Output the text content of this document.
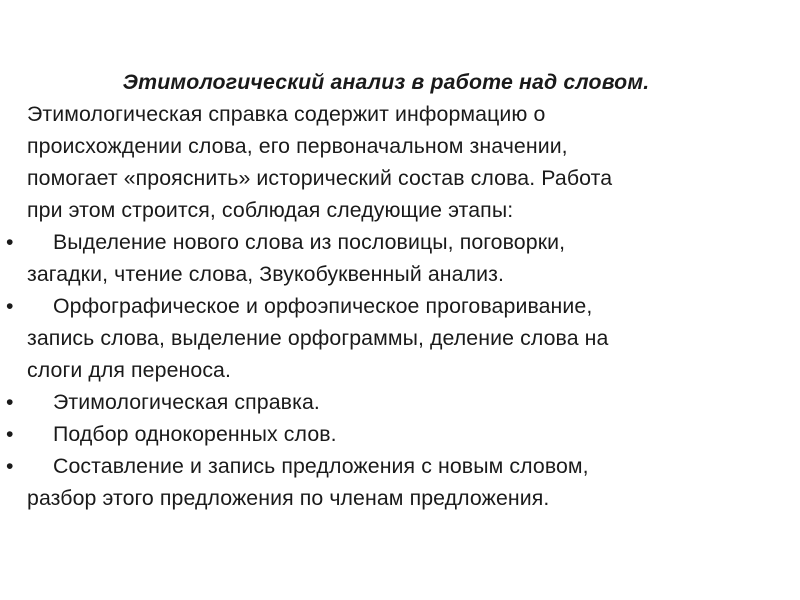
Этимологический анализ в работе над словом.

Этимологическая справка содержит информацию о
происхождении слова, его первоначальном значении,
помогает «прояснить» исторический состав слова. Работа
при этом строится, соблюдая следующие этапы:

•	Выделение нового слова из пословицы, поговорки,
загадки, чтение слова, Звукобуквенный анализ.
•	Орфографическое и орфоэпическое проговаривание,
запись слова, выделение орфограммы, деление слова на
слоги для переноса.
•	Этимологическая справка.
•	Подбор однокоренных слов.
•	Составление и запись предложения с новым словом,
разбор этого предложения по членам предложения.
